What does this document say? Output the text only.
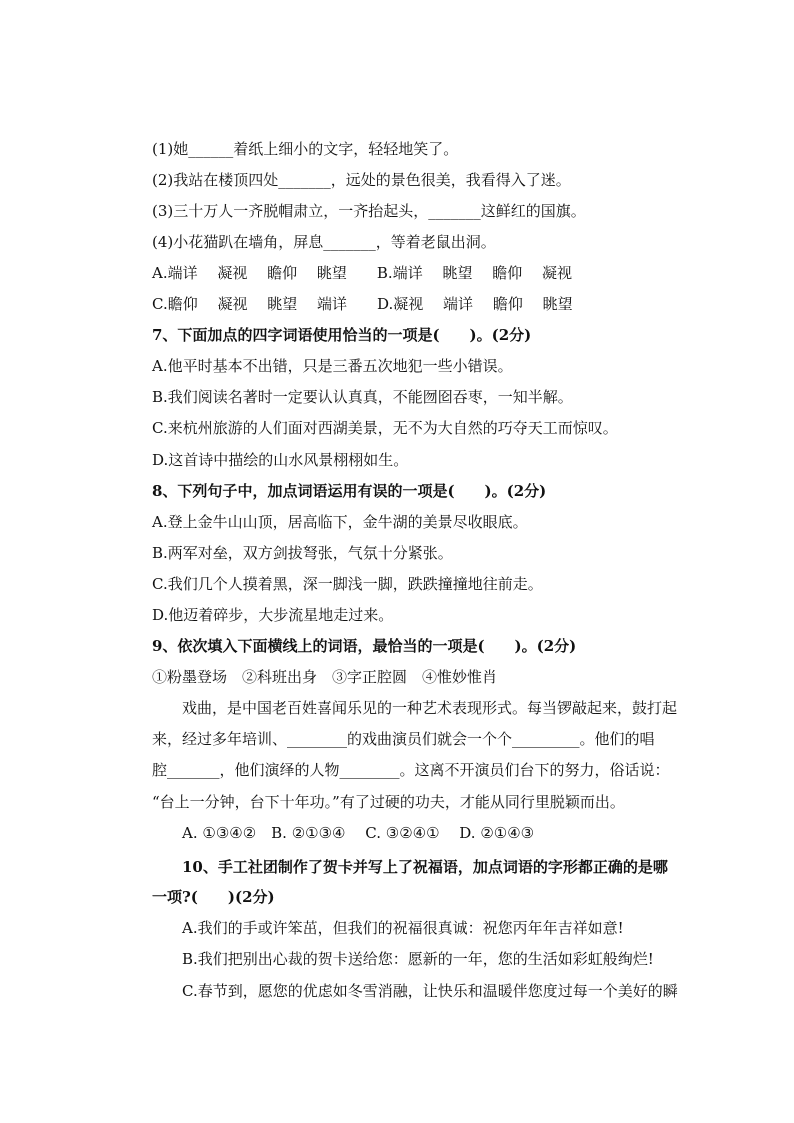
(1)她______着纸上细小的文字，轻轻地笑了。
(2)我站在楼顶四处_______，远处的景色很美，我看得入了迷。
(3)三十万人一齐脱帽肃立，一齐抬起头，_______这鲜红的国旗。
(4)小花猫趴在墙角，屏息_______，等着老鼠出洞。
A.端详　 凝视　 瞻仰　 眺望　　B.端详　 眺望　 瞻仰　 凝视
C.瞻仰　 凝视　 眺望　 端详　　D.凝视　 端详　 瞻仰　 眺望
7、下面加点的四字词语使用恰当的一项是(　　)。(2分)
A.他平时基本不出错，只是三番五次地犯一些小错误。
B.我们阅读名著时一定要认认真真，不能囫囵吞枣，一知半解。
C.来杭州旅游的人们面对西湖美景，无不为大自然的巧夺天工而惊叹。
D.这首诗中描绘的山水风景栩栩如生。
8、下列句子中，加点词语运用有误的一项是(　　)。(2分)
A.登上金牛山山顶，居高临下，金牛湖的美景尽收眼底。
B.两军对垒，双方剑拔弩张，气氛十分紧张。
C.我们几个人摸着黑，深一脚浅一脚，跌跌撞撞地往前走。
D.他迈着碎步，大步流星地走过来。
9、依次填入下面横线上的词语，最恰当的一项是(　　)。(2分)
①粉墨登场　②科班出身　③字正腔圆　④惟妙惟肖
戏曲，是中国老百姓喜闻乐见的一种艺术表现形式。每当锣敲起来，鼓打起
来，经过多年培训、________的戏曲演员们就会一个个_________。他们的唱
腔_______，他们演绎的人物________。这离不开演员们台下的努力，俗话说：
“台上一分钟，台下十年功。”有了过硬的功夫，才能从同行里脱颖而出。
A. ①③④②　B. ②①③④　 C. ③②④①　 D. ②①④③
10、手工社团制作了贺卡并写上了祝福语，加点词语的字形都正确的是哪
一项?(　　)(2分)
A.我们的手或许笨茁，但我们的祝福很真诚：祝您丙年年吉祥如意!
B.我们把别出心裁的贺卡送给您：愿新的一年，您的生活如彩虹般绚烂!
C.春节到，愿您的优虑如冬雪消融，让快乐和温暖伴您度过每一个美好的瞬
